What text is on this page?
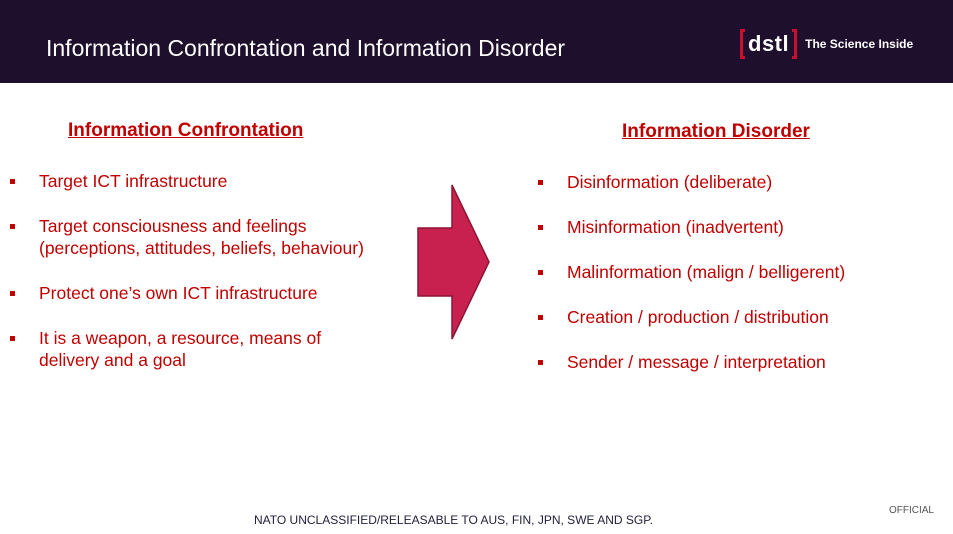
Information Confrontation and Information Disorder	dstl The Science Inside
Information Confrontation
Target ICT infrastructure
Target consciousness and feelings
(perceptions, attitudes, beliefs, behaviour)
Protect one’s own ICT infrastructure
It is a weapon, a resource, means of
delivery and a goal
Information Disorder
Disinformation (deliberate)
Misinformation (inadvertent)
Malinformation (malign / belligerent)
Creation / production / distribution
Sender / message / interpretation
NATO UNCLASSIFIED/RELEASABLE TO AUS, FIN, JPN, SWE AND SGP.
OFFICIAL
